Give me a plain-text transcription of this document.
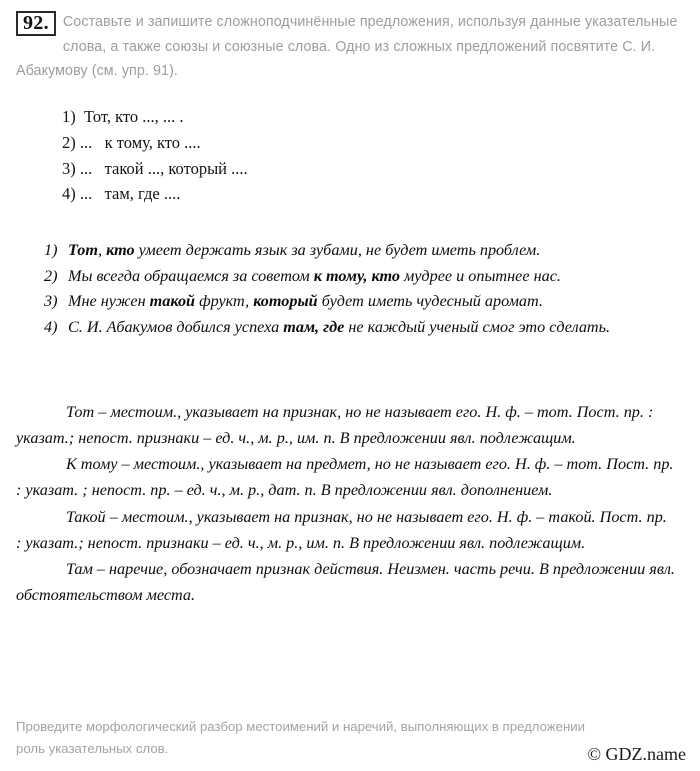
92. Составьте и запишите сложноподчинённые предложения, используя данные указательные слова, а также союзы и союзные слова. Одно из сложных предложений посвятите С. И. Абакумову (см. упр. 91).
1)  Тот, кто ..., ... .
2) ...   к тому, кто ....
3) ...   такой ..., который ....
4) ...   там, где ....
1) Тот, кто умеет держать язык за зубами, не будет иметь проблем.
2) Мы всегда обращаемся за советом к тому, кто мудрее и опытнее нас.
3) Мне нужен такой фрукт, который будет иметь чудесный аромат.
4) С. И. Абакумов добился успеха там, где не каждый ученый смог это сделать.

Тот – местоим., указывает на признак, но не называет его. Н. ф. – тот. Пост. пр. : указат.; непост. признаки – ед. ч., м. р., им. п. В предложении явл. подлежащим.

К тому – местоим., указывает на предмет, но не называет его. Н. ф. – тот. Пост. пр. : указат. ; непост. пр. – ед. ч., м. р., дат. п. В предложении явл. дополнением.

Такой – местоим., указывает на признак, но не называет его. Н. ф. – такой. Пост. пр. : указат.; непост. признаки – ед. ч., м. р., им. п. В предложении явл. подлежащим.

Там – наречие, обозначает признак действия. Неизмен. часть речи. В предложении явл. обстоятельством места.

Проведите морфологический разбор местоимений и наречий, выполняющих в предложении роль указательных слов.	© GDZ.name
